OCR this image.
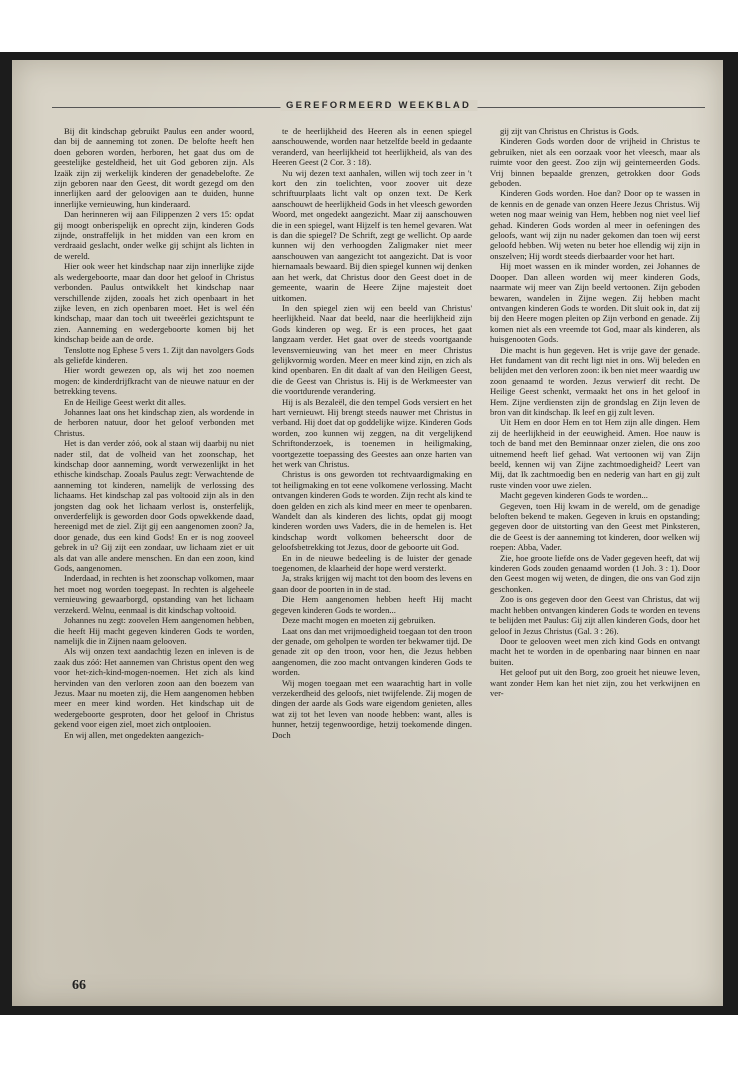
GEREFORMEERD WEEKBLAD

Bij dit kindschap gebruikt Paulus een ander woord, dan bij de aanneming tot zonen. De belofte heeft hen doen geboren worden, herboren, het gaat dus om de geestelijke gesteldheid, het uit God geboren zijn. Als Izaäk zijn zij werkelijk kinderen der genadebelofte. Ze zijn geboren naar den Geest, dit wordt gezegd om den innerlijken aard der geloovigen aan te duiden, hunne innerlijke vernieuwing, hun kinderaard.

Dan herinneren wij aan Filippenzen 2 vers 15: opdat gij moogt onberispelijk en oprecht zijn, kinderen Gods zijnde, onstraffelijk in het midden van een krom en verdraaid geslacht, onder welke gij schijnt als lichten in de wereld.

Hier ook weer het kindschap naar zijn innerlijke zijde als wedergeboorte, maar dan door het geloof in Christus verbonden. Paulus ontwikkelt het kindschap naar verschillende zijden, zooals het zich openbaart in het zijke leven, en zich openbaren moet. Het is wel één kindschap, maar dan toch uit tweeërlei gezichtspunt te zien. Aanneming en wedergeboorte komen bij het kindschap beide aan de orde.

Tenslotte nog Ephese 5 vers 1. Zijt dan navolgers Gods als geliefde kinderen.

Hier wordt gewezen op, als wij het zoo noemen mogen: de kinderdrijfkracht van de nieuwe natuur en der betrekking tevens.

En de Heilige Geest werkt dit alles.

Johannes laat ons het kindschap zien, als wordende in de herboren natuur, door het geloof verbonden met Christus.

Het is dan verder zóó, ook al staan wij daarbij nu niet nader stil, dat de volheid van het zoonschap, het kindschap door aanneming, wordt verwezenlijkt in het ethische kindschap. Zooals Paulus zegt: Verwachtende de aanneming tot kinderen, namelijk de verlossing des lichaams. Het kindschap zal pas voltooid zijn als in den jongsten dag ook het lichaam verlost is, onsterfelijk, onverderfelijk is geworden door Gods opwekkende daad, hereenigd met de ziel. Zijt gij een aangenomen zoon? Ja, door genade, dus een kind Gods! En er is nog zooveel gebrek in u? Gij zijt een zondaar, uw lichaam ziet er uit als dat van alle andere menschen. En dan een zoon, kind Gods, aangenomen.

Inderdaad, in rechten is het zoonschap volkomen, maar het moet nog worden toegepast. In rechten is algeheele vernieuwing gewaarborgd, opstanding van het lichaam verzekerd. Welnu, eenmaal is dit kindschap voltooid.

Johannes nu zegt: zoovelen Hem aangenomen hebben, die heeft Hij macht gegeven kinderen Gods te worden, namelijk die in Zijnen naam gelooven.

Als wij onzen text aandachtig lezen en inleven is de zaak dus zóó: Het aannemen van Christus opent den weg voor het-zich-kind-mogen-noemen. Het zich als kind hervinden van den verloren zoon aan den boezem van Jezus. Maar nu moeten zij, die Hem aangenomen hebben meer en meer kind worden. Het kindschap uit de wedergeboorte gesproten, door het geloof in Christus gekend voor eigen ziel, moet zich ontplooien.

En wij allen, met ongedekten aangezich-

te de heerlijkheid des Heeren als in eenen spiegel aanschouwende, worden naar hetzelfde beeld in gedaante veranderd, van heerlijkheid tot heerlijkheid, als van des Heeren Geest (2 Cor. 3 : 18).

Nu wij dezen text aanhalen, willen wij toch zeer in 't kort den zin toelichten, voor zoover uit deze schriftuurplaats licht valt op onzen text. De Kerk aanschouwt de heerlijkheid Gods in het vleesch geworden Woord, met ongedekt aangezicht. Maar zij aanschouwen die in een spiegel, want Hijzelf is ten hemel gevaren. Wat is dan die spiegel? De Schrift, zegt ge wellicht. Op aarde kunnen wij den verhoogden Zaligmaker niet meer aanschouwen van aangezicht tot aangezicht. Dat is voor hiernamaals bewaard. Bij dien spiegel kunnen wij denken aan het werk, dat Christus door den Geest doet in de gemeente, waarin de Heere Zijne majesteit doet uitkomen.

In den spiegel zien wij een beeld van Christus' heerlijkheid. Naar dat beeld, naar die heerlijkheid zijn Gods kinderen op weg. Er is een proces, het gaat langzaam verder. Het gaat over de steeds voortgaande levensvernieuwing van het meer en meer Christus gelijkvormig worden. Meer en meer kind zijn, en zich als kind openbaren. En dit daalt af van den Heiligen Geest, die de Geest van Christus is. Hij is de Werkmeester van die voortdurende verandering.

Hij is als Bezaleël, die den tempel Gods versiert en het hart vernieuwt. Hij brengt steeds nauwer met Christus in verband. Hij doet dat op goddelijke wijze. Kinderen Gods worden, zoo kunnen wij zeggen, na dit vergelijkend Schriftonderzoek, is toenemen in heiligmaking, voortgezette toepassing des Geestes aan onze harten van het werk van Christus.

Christus is ons geworden tot rechtvaardigmaking en tot heiligmaking en tot eene volkomene verlossing. Macht ontvangen kinderen Gods te worden. Zijn recht als kind te doen gelden en zich als kind meer en meer te openbaren. Wandelt dan als kinderen des lichts, opdat gij moogt kinderen worden uws Vaders, die in de hemelen is. Het kindschap wordt volkomen beheerscht door de geloofsbetrekking tot Jezus, door de geboorte uit God.

En in de nieuwe bedeeling is de luister der genade toegenomen, de klaarheid der hope werd versterkt.

Ja, straks krijgen wij macht tot den boom des levens en gaan door de poorten in in de stad.

Die Hem aangenomen hebben heeft Hij macht gegeven kinderen Gods te worden...

Deze macht mogen en moeten zij gebruiken.

Laat ons dan met vrijmoedigheid toegaan tot den troon der genade, om geholpen te worden ter bekwamer tijd. De genade zit op den troon, voor hen, die Jezus hebben aangenomen, die zoo macht ontvangen kinderen Gods te worden.

Wij mogen toegaan met een waarachtig hart in volle verzekerdheid des geloofs, niet twijfelende. Zij mogen de dingen der aarde als Gods ware eigendom genieten, alles wat zij tot het leven van noode hebben: want, alles is hunner, hetzij tegenwoordige, hetzij toekomende dingen. Doch

gij zijt van Christus en Christus is Gods.

Kinderen Gods worden door de vrijheid in Christus te gebruiken, niet als een oorzaak voor het vleesch, maar als ruimte voor den geest. Zoo zijn wij geinterneerden Gods. Vrij binnen bepaalde grenzen, getrokken door Gods geboden.

Kinderen Gods worden. Hoe dan? Door op te wassen in de kennis en de genade van onzen Heere Jezus Christus. Wij weten nog maar weinig van Hem, hebben nog niet veel lief gehad. Kinderen Gods worden al meer in oefeningen des geloofs, want wij zijn nu nader gekomen dan toen wij eerst geloofd hebben. Wij weten nu beter hoe ellendig wij zijn in onszelven; Hij wordt steeds dierbaarder voor het hart.

Hij moet wassen en ik minder worden, zei Johannes de Dooper. Dan alleen worden wij meer kinderen Gods, naarmate wij meer van Zijn beeld vertoonen. Zijn geboden bewaren, wandelen in Zijne wegen. Zij hebben macht ontvangen kinderen Gods te worden. Dit sluit ook in, dat zij bij den Heere mogen pleiten op Zijn verbond en genade. Zij komen niet als een vreemde tot God, maar als kinderen, als huisgenooten Gods.

Die macht is hun gegeven. Het is vrije gave der genade. Het fundament van dit recht ligt niet in ons. Wij beleden en belijden met den verloren zoon: ik ben niet meer waardig uw zoon genaamd te worden. Jezus verwierf dit recht. De Heilige Geest schenkt, vermaakt het ons in het geloof in Hem. Zijne verdiensten zijn de grondslag en Zijn leven de bron van dit kindschap. Ik leef en gij zult leven.

Uit Hem en door Hem en tot Hem zijn alle dingen. Hem zij de heerlijkheid in der eeuwigheid. Amen. Hoe nauw is toch de band met den Beminnaar onzer zielen, die ons zoo uitnemend heeft lief gehad. Wat vertoonen wij van Zijn beeld, kennen wij van Zijne zachtmoedigheid? Leert van Mij, dat Ik zachtmoedig ben en nederig van hart en gij zult ruste vinden voor uwe zielen.

Macht gegeven kinderen Gods te worden...

Gegeven, toen Hij kwam in de wereld, om de genadige beloften bekend te maken. Gegeven in kruis en opstanding; gegeven door de uitstorting van den Geest met Pinksteren, die de Geest is der aanneming tot kinderen, door welken wij roepen: Abba, Vader.

Zie, hoe groote liefde ons de Vader gegeven heeft, dat wij kinderen Gods zouden genaamd worden (1 Joh. 3 : 1). Door den Geest mogen wij weten, de dingen, die ons van God zijn geschonken.

Zoo is ons gegeven door den Geest van Christus, dat wij macht hebben ontvangen kinderen Gods te worden en tevens te belijden met Paulus: Gij zijt allen kinderen Gods, door het geloof in Jezus Christus (Gal. 3 : 26).

Door te gelooven weet men zich kind Gods en ontvangt macht het te worden in de openbaring naar binnen en naar buiten.

Het geloof put uit den Borg, zoo groeit het nieuwe leven, want zonder Hem kan het niet zijn, zou het verkwijnen en ver-

66
